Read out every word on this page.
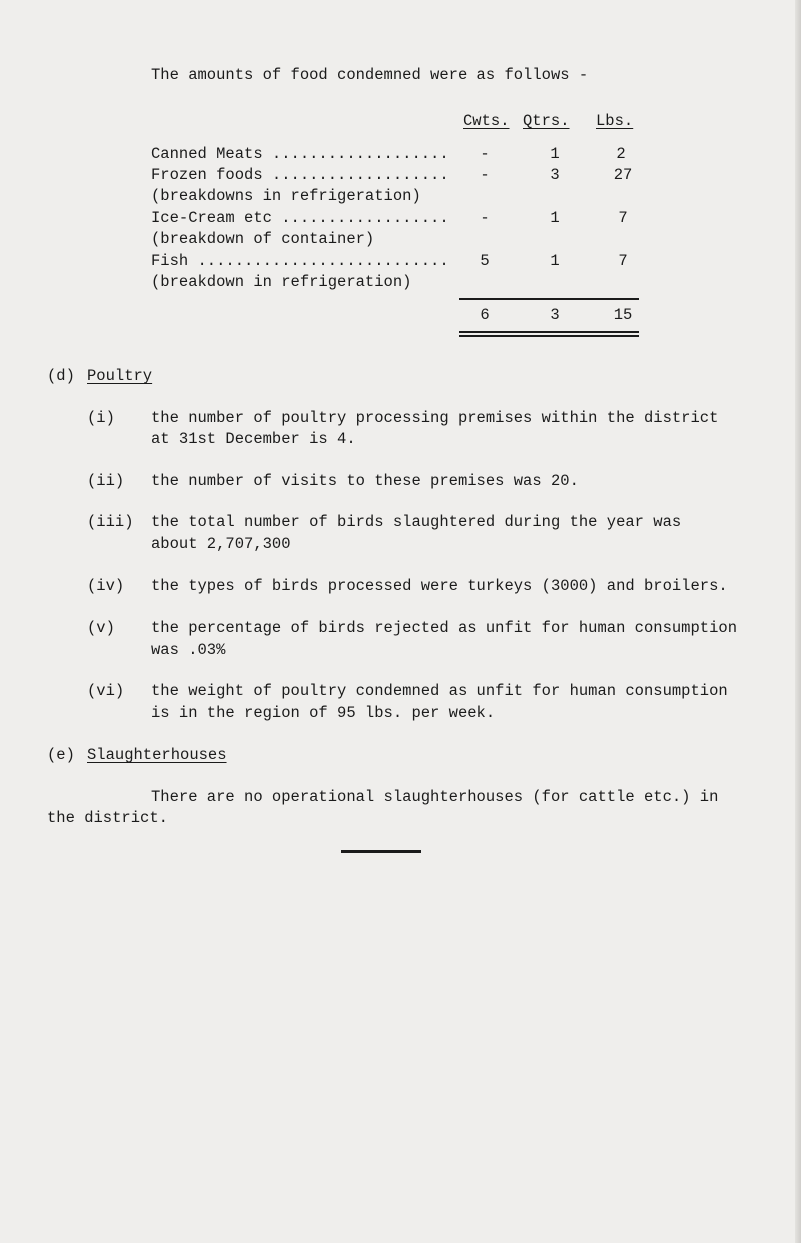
The amounts of food condemned were as follows -
Cwts. Qtrs. Lbs.
Canned Meats ...................	-	1	2
Frozen foods ...................	-	3	27
(breakdowns in refrigeration)
Ice-Cream etc ..................	-	1	7
(breakdown of container)
Fish ...........................	5	1	7
(breakdown in refrigeration)
6	3	15
(d) Poultry
(i) the number of poultry processing premises within the district
at 31st December is 4.
(ii) the number of visits to these premises was 20.
(iii) the total number of birds slaughtered during the year was
about 2,707,300
(iv) the types of birds processed were turkeys (3000) and broilers.
(v) the percentage of birds rejected as unfit for human consumption
was .03%
(vi) the weight of poultry condemned as unfit for human consumption
is in the region of 95 lbs. per week.
(e) Slaughterhouses
There are no operational slaughterhouses (for cattle etc.) in
the district.
